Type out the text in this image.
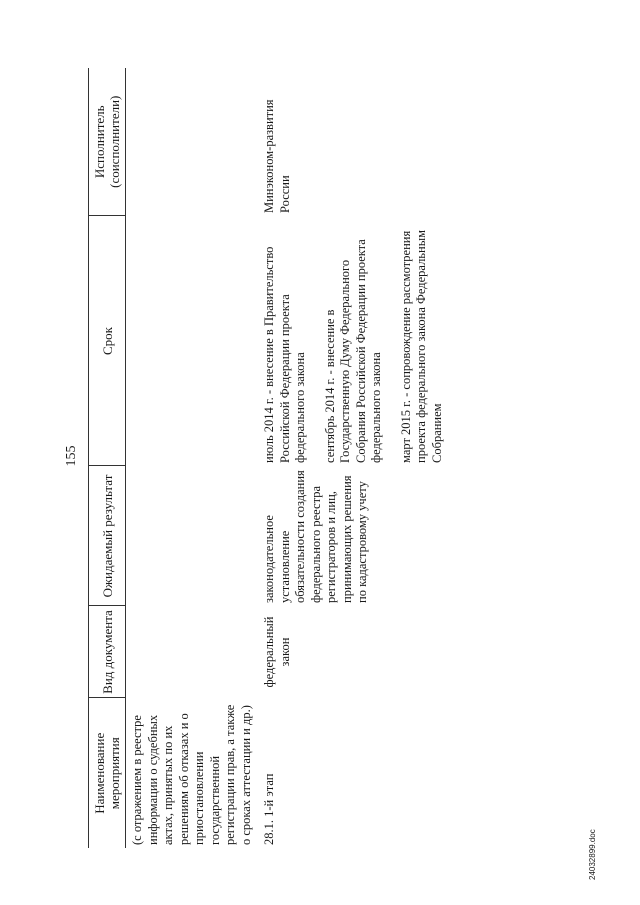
155
Наименование
мероприятия	Вид документа	Ожидаемый результат	Срок	Исполнитель
(соисполнители)
(с отражением в реестре информации о судебных актах, принятых по их решениям об отказах и о приостановлении государственной регистрации прав, а также о сроках аттестации и др.)				
28.1. 1-й этап	федеральный закон	законодательное установление обязательности создания федерального реестра регистраторов и лиц, принимающих решения по кадастровому учету	июль 2014 г. - внесение в Правительство Российской Федерации проекта федерального закона сентябрь 2014 г. - внесение в Государственную Думу Федерального Собрания Российской Федерации проекта федерального закона март 2015 г. - сопровождение рассмотрения проекта федерального закона Федеральным Собранием	Минэконом-развития России
24032899.doc
